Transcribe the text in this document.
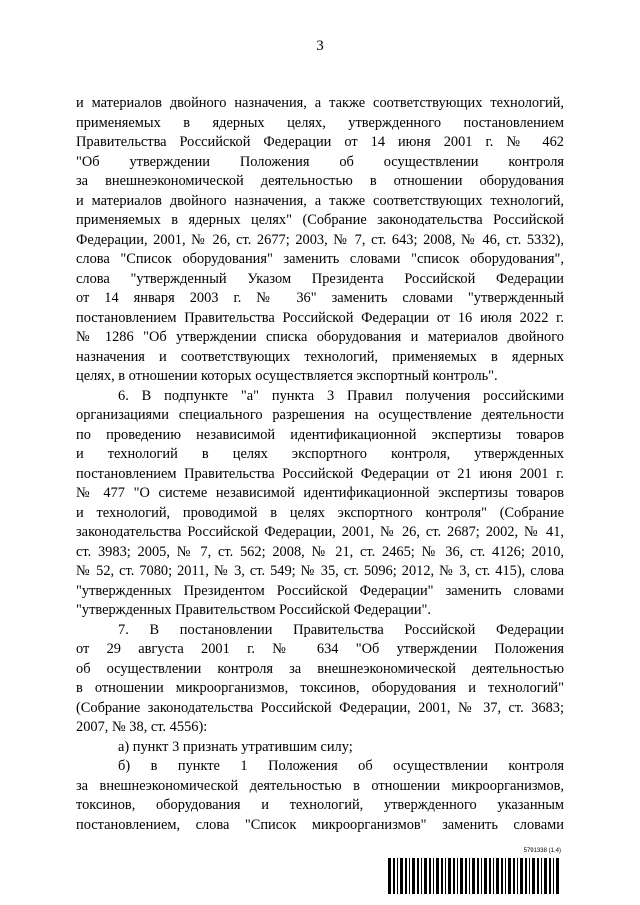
3
и материалов двойного назначения, а также соответствующих технологий,
применяемых в ядерных целях, утвержденного постановлением
Правительства Российской Федерации от 14 июня 2001 г. № 462
"Об утверждении Положения об осуществлении контроля
за внешнеэкономической деятельностью в отношении оборудования
и материалов двойного назначения, а также соответствующих технологий,
применяемых в ядерных целях" (Собрание законодательства Российской
Федерации, 2001, № 26, ст. 2677; 2003, № 7, ст. 643; 2008, № 46, ст. 5332),
слова "Список оборудования" заменить словами "список оборудования",
слова "утвержденный Указом Президента Российской Федерации
от 14 января 2003 г. № 36" заменить словами "утвержденный
постановлением Правительства Российской Федерации от 16 июля 2022 г.
№ 1286 "Об утверждении списка оборудования и материалов двойного
назначения и соответствующих технологий, применяемых в ядерных
целях, в отношении которых осуществляется экспортный контроль".
6. В подпункте "а" пункта 3 Правил получения российскими
организациями специального разрешения на осуществление деятельности
по проведению независимой идентификационной экспертизы товаров
и технологий в целях экспортного контроля, утвержденных
постановлением Правительства Российской Федерации от 21 июня 2001 г.
№ 477 "О системе независимой идентификационной экспертизы товаров
и технологий, проводимой в целях экспортного контроля" (Собрание
законодательства Российской Федерации, 2001, № 26, ст. 2687; 2002, № 41,
ст. 3983; 2005, № 7, ст. 562; 2008, № 21, ст. 2465; № 36, ст. 4126; 2010,
№ 52, ст. 7080; 2011, № 3, ст. 549; № 35, ст. 5096; 2012, № 3, ст. 415), слова
"утвержденных Президентом Российской Федерации" заменить словами
"утвержденных Правительством Российской Федерации".
7. В постановлении Правительства Российской Федерации
от 29 августа 2001 г. № 634 "Об утверждении Положения
об осуществлении контроля за внешнеэкономической деятельностью
в отношении микроорганизмов, токсинов, оборудования и технологий"
(Собрание законодательства Российской Федерации, 2001, № 37, ст. 3683;
2007, № 38, ст. 4556):
а) пункт 3 признать утратившим силу;
б) в пункте 1 Положения об осуществлении контроля
за внешнеэкономической деятельностью в отношении микроорганизмов,
токсинов, оборудования и технологий, утвержденного указанным
постановлением, слова "Список микроорганизмов" заменить словами
5791338 (1.4)
